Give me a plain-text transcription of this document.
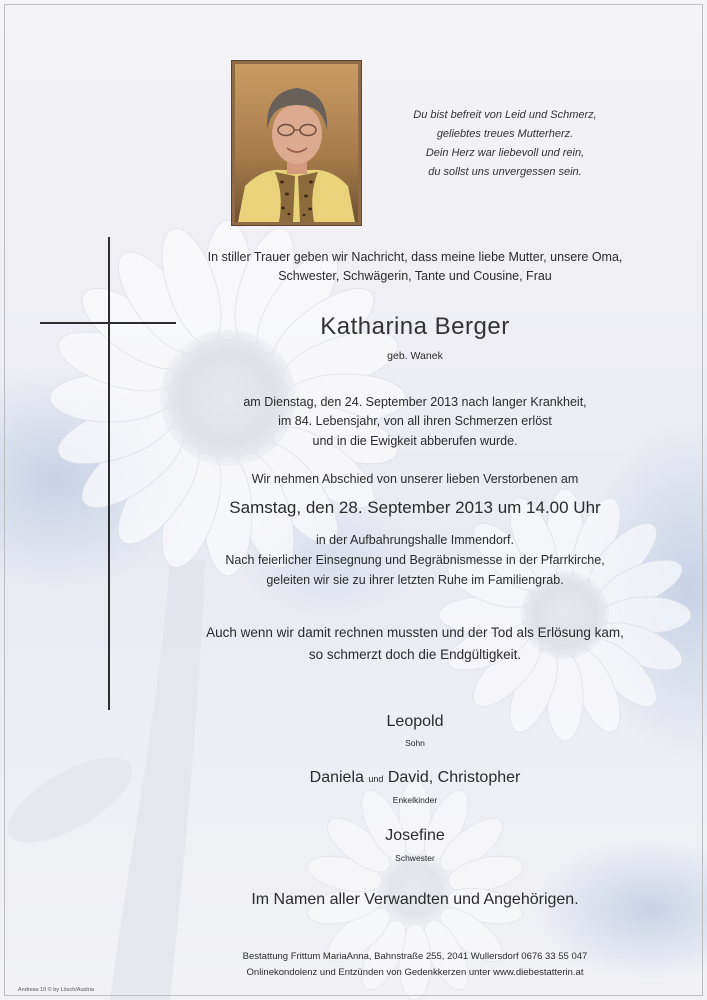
Du bist befreit von Leid und Schmerz,
geliebtes treues Mutterherz.
Dein Herz war liebevoll und rein,
du sollst uns unvergessen sein.
In stiller Trauer geben wir Nachricht, dass meine liebe Mutter, unsere Oma,
Schwester, Schwägerin, Tante und Cousine, Frau
Katharina Berger
geb. Wanek
am Dienstag, den 24. September 2013 nach langer Krankheit,
im 84. Lebensjahr, von all ihren Schmerzen erlöst
und in die Ewigkeit abberufen wurde.
Wir nehmen Abschied von unserer lieben Verstorbenen am
Samstag, den 28. September 2013 um 14.00 Uhr
in der Aufbahrungshalle Immendorf.
Nach feierlicher Einsegnung und Begräbnismesse in der Pfarrkirche,
geleiten wir sie zu ihrer letzten Ruhe im Familiengrab.
Auch wenn wir damit rechnen mussten und der Tod als Erlösung kam,
so schmerzt doch die Endgültigkeit.
Leopold
Sohn
Daniela und David, Christopher
Enkelkinder
Josefine
Schwester
Im Namen aller Verwandten und Angehörigen.
Bestattung Frittum MariaAnna, Bahnstraße 255, 2041 Wullersdorf 0676 33 55 047
Onlinekondolenz und Entzünden von Gedenkkerzen unter www.diebestatterin.at
Andreas 10 © by Lösch/Austria
